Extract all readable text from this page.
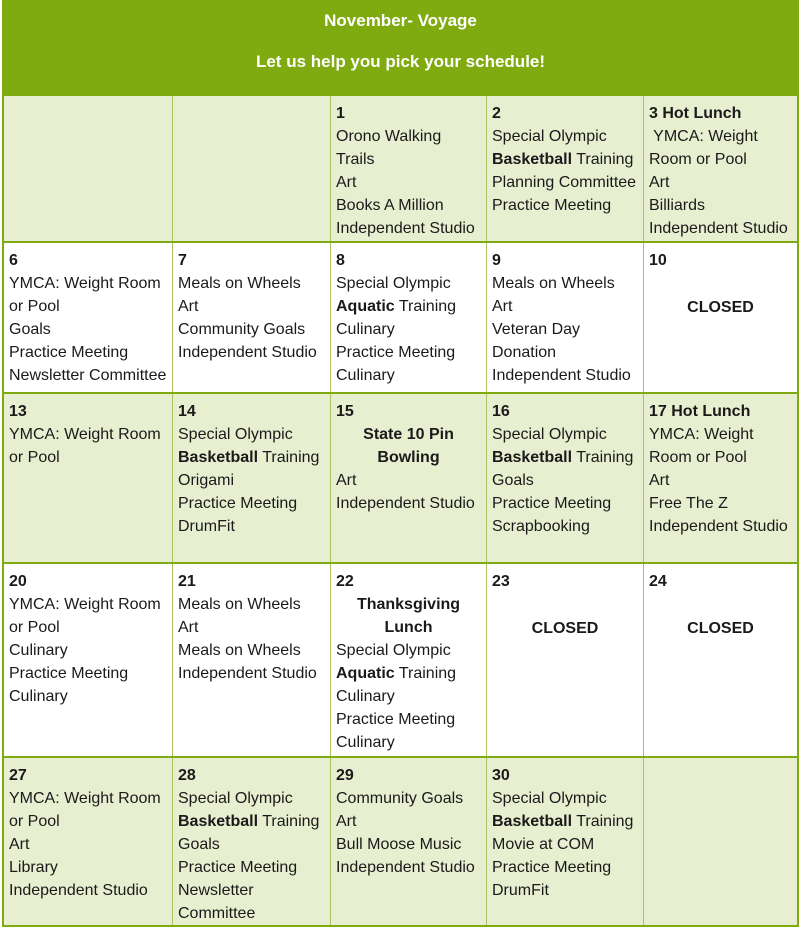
November- Voyage
Let us help you pick your schedule!
1
Orono Walking
Trails
Art
Books A Million
Independent Studio
2
Special Olympic
Basketball Training
Planning Committee
Practice Meeting
3 Hot Lunch
YMCA: Weight
Room or Pool
Art
Billiards
Independent Studio
6
YMCA: Weight Room
or Pool
Goals
Practice Meeting
Newsletter Committee
7
Meals on Wheels
Art
Community Goals
Independent Studio
8
Special Olympic
Aquatic Training
Culinary
Practice Meeting
Culinary
9
Meals on Wheels
Art
Veteran Day
Donation
Independent Studio
10
CLOSED
13
YMCA: Weight Room
or Pool
14
Special Olympic
Basketball Training
Origami
Practice Meeting
DrumFit
15
State 10 Pin
Bowling
Art
Independent Studio
16
Special Olympic
Basketball Training
Goals
Practice Meeting
Scrapbooking
17 Hot Lunch
YMCA: Weight
Room or Pool
Art
Free The Z
Independent Studio
20
YMCA: Weight Room
or Pool
Culinary
Practice Meeting
Culinary
21
Meals on Wheels
Art
Meals on Wheels
Independent Studio
22
Thanksgiving
Lunch
Special Olympic
Aquatic Training
Culinary
Practice Meeting
Culinary
23
CLOSED
24
CLOSED
27
YMCA: Weight Room
or Pool
Art
Library
Independent Studio
28
Special Olympic
Basketball Training
Goals
Practice Meeting
Newsletter
Committee
29
Community Goals
Art
Bull Moose Music
Independent Studio
30
Special Olympic
Basketball Training
Movie at COM
Practice Meeting
DrumFit
